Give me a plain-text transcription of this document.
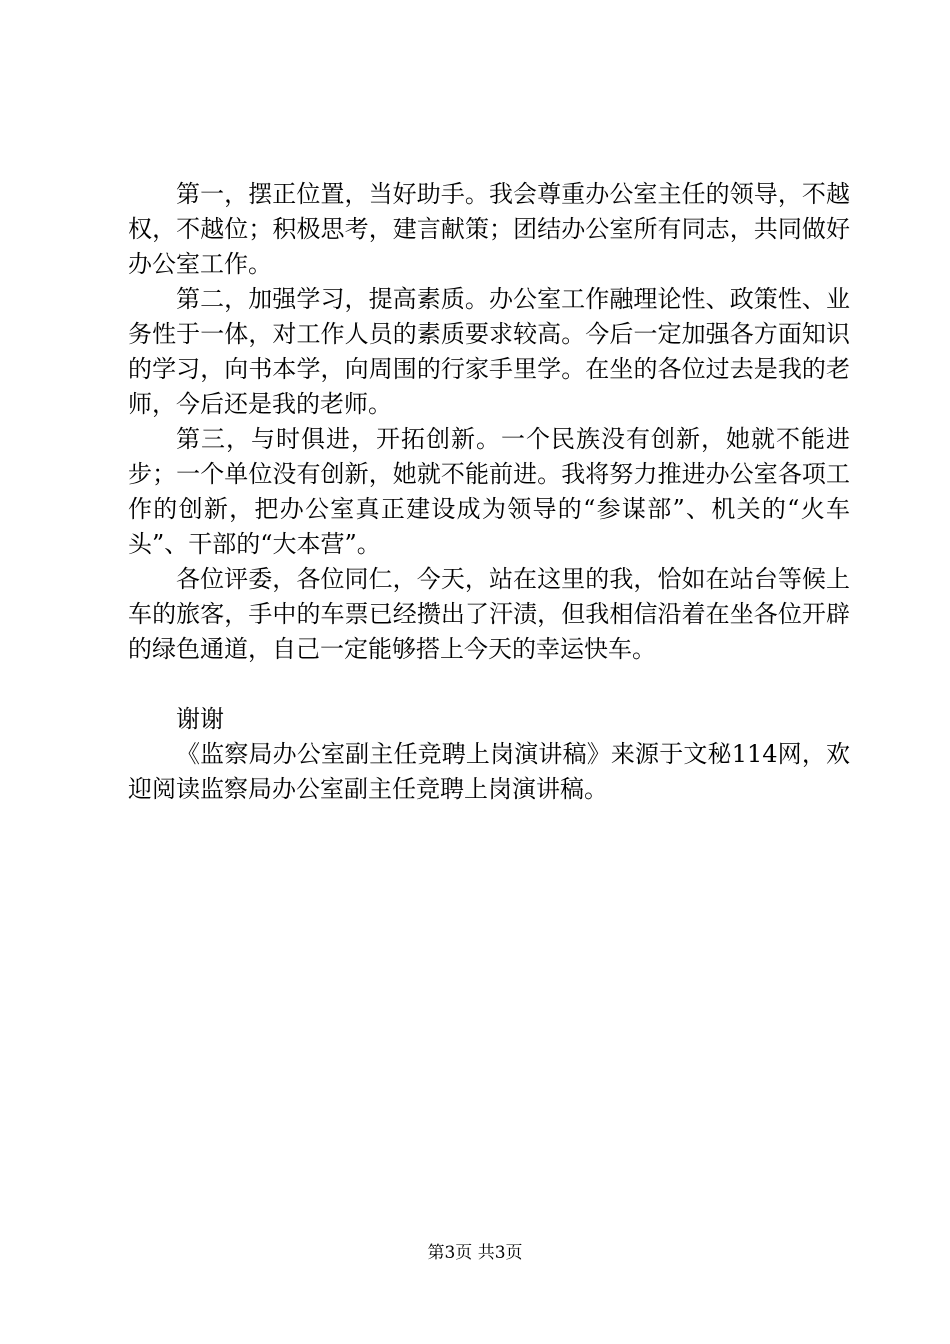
第一，摆正位置，当好助手。我会尊重办公室主任的领导，不越权，不越位；积极思考，建言献策；团结办公室所有同志，共同做好办公室工作。

第二，加强学习，提高素质。办公室工作融理论性、政策性、业务性于一体，对工作人员的素质要求较高。今后一定加强各方面知识的学习，向书本学，向周围的行家手里学。在坐的各位过去是我的老师，今后还是我的老师。

第三，与时俱进，开拓创新。一个民族没有创新，她就不能进步；一个单位没有创新，她就不能前进。我将努力推进办公室各项工作的创新，把办公室真正建设成为领导的“参谋部”、机关的“火车头”、干部的“大本营”。

各位评委，各位同仁，今天，站在这里的我，恰如在站台等候上车的旅客，手中的车票已经攒出了汗渍，但我相信沿着在坐各位开辟的绿色通道，自己一定能够搭上今天的幸运快车。

谢谢

《监察局办公室副主任竞聘上岗演讲稿》来源于文秘114网，欢迎阅读监察局办公室副主任竞聘上岗演讲稿。

第3页 共3页
